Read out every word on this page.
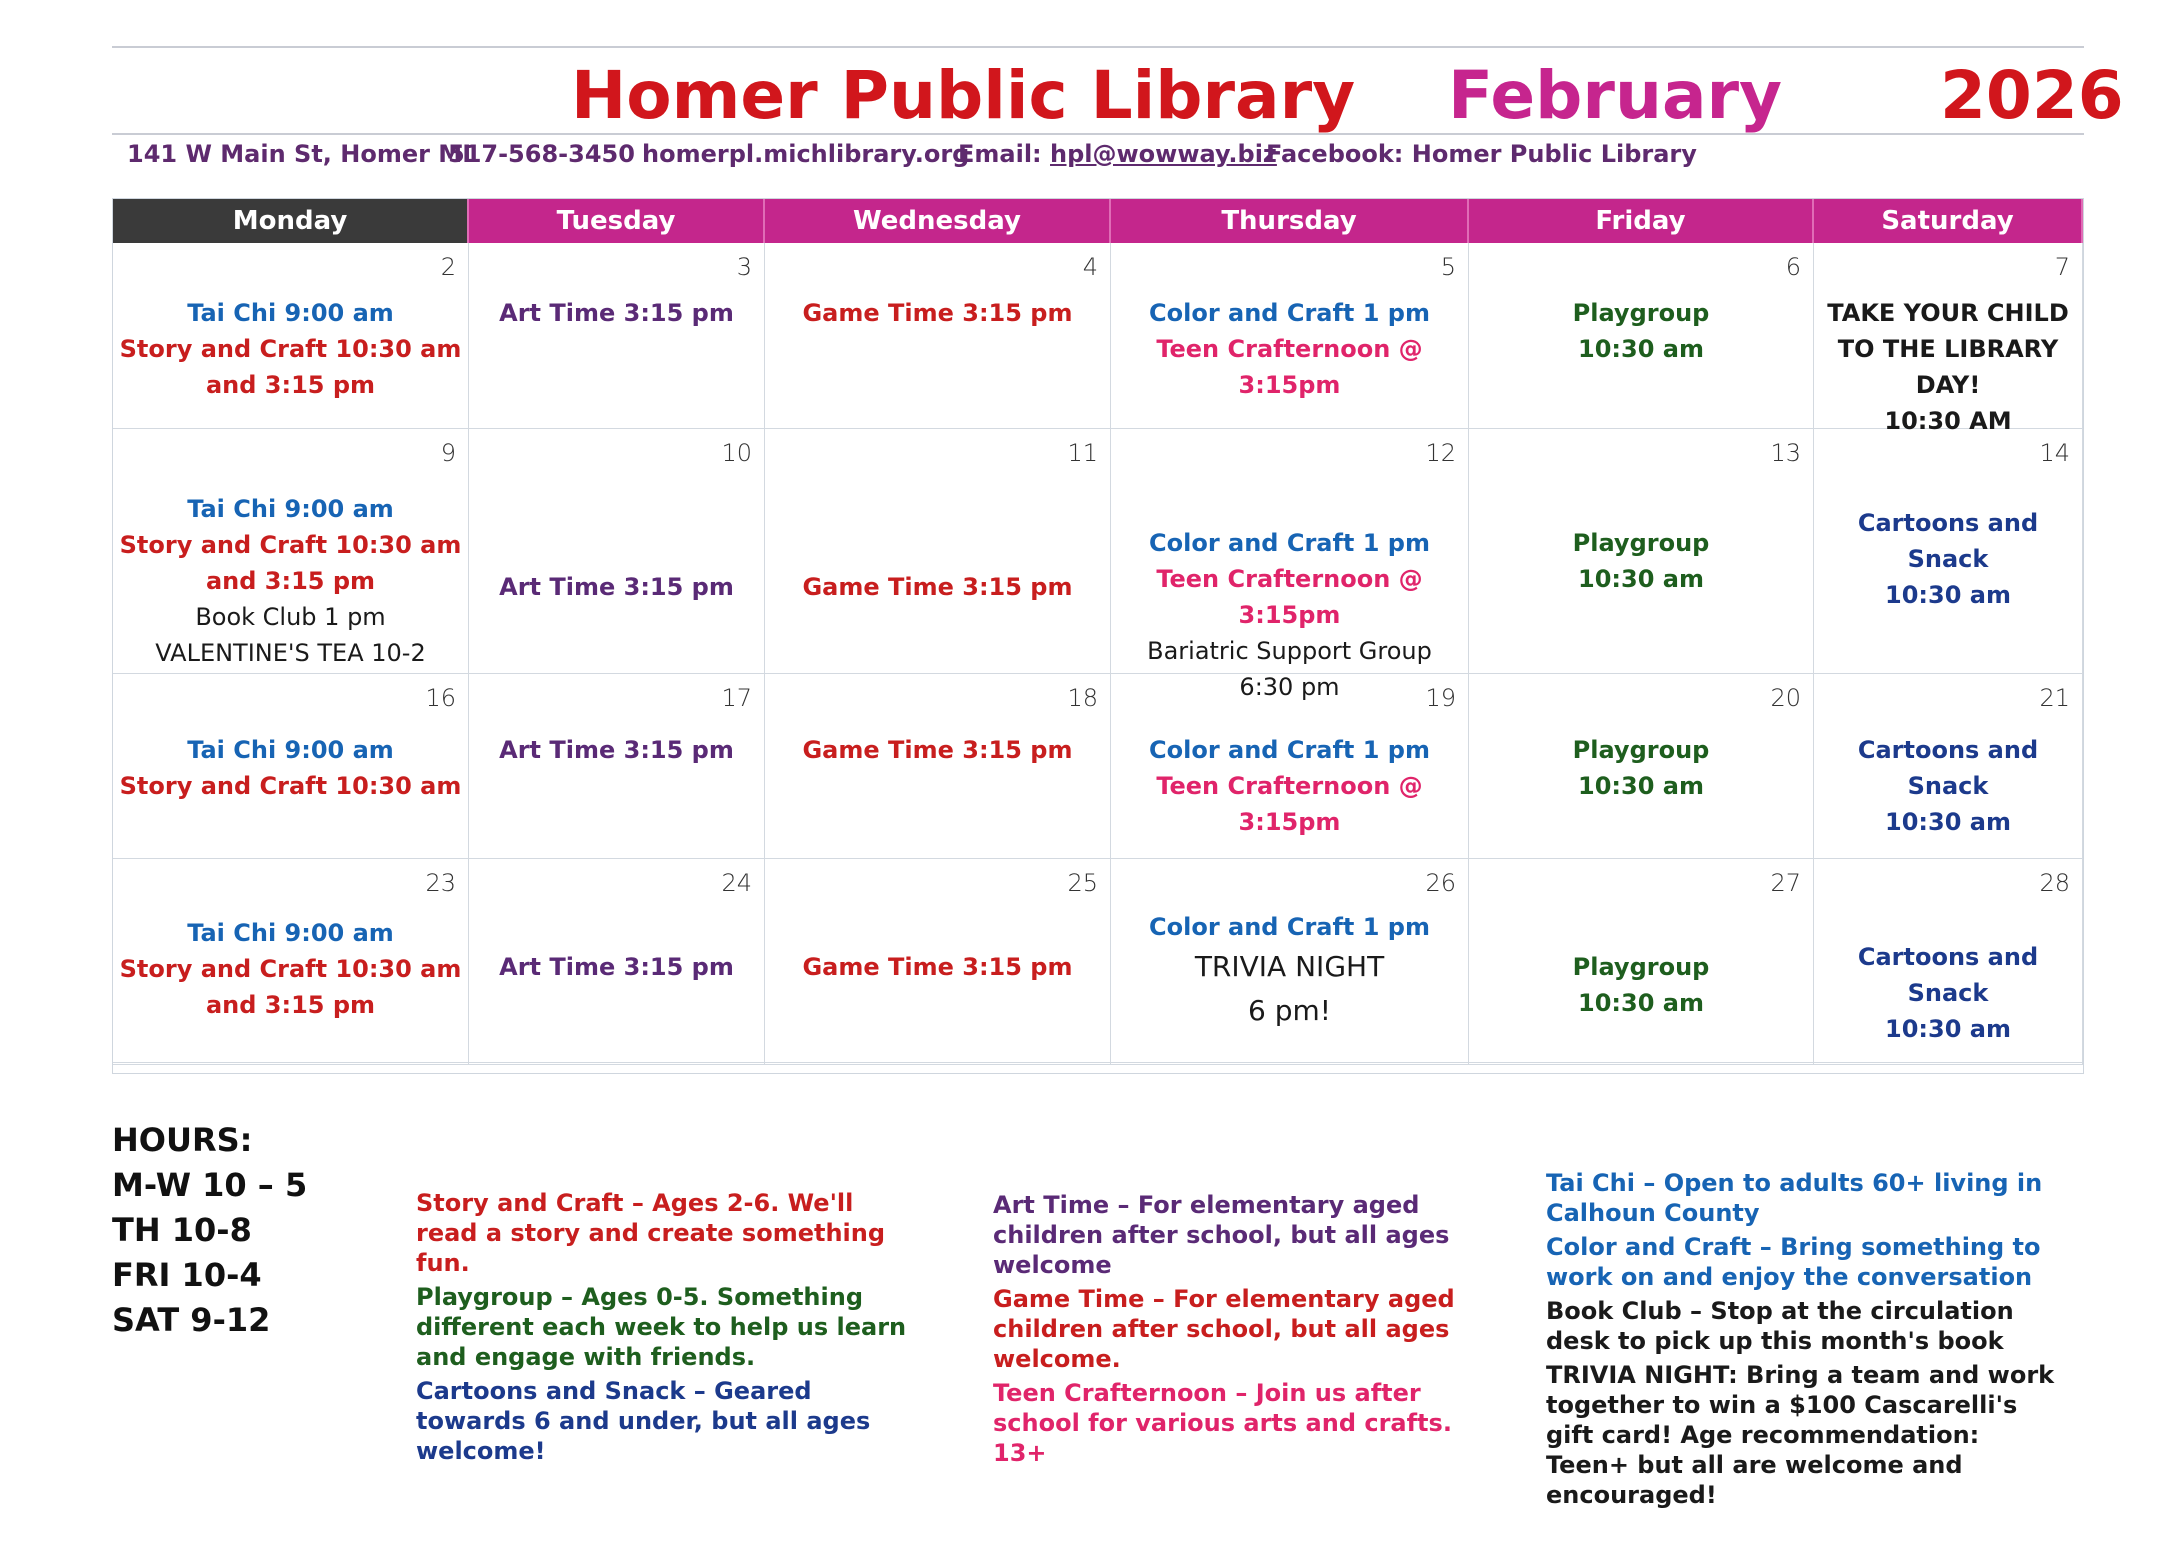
Homer Public Library February 2026
141 W Main St, Homer MI
517-568-3450 homerpl.michlibrary.org
Email: hpl@wowway.biz
Facebook: Homer Public Library
Monday	Tuesday	Wednesday	Thursday	Friday	Saturday
2
Tai Chi 9:00 am
Story and Craft 10:30 am
and 3:15 pm
3
Art Time 3:15 pm
4
Game Time 3:15 pm
5
Color and Craft 1 pm
Teen Crafternoon @ 3:15pm
6
Playgroup
10:30 am
7
TAKE YOUR CHILD
TO THE LIBRARY
DAY!
10:30 AM
9
Tai Chi 9:00 am
Story and Craft 10:30 am
and 3:15 pm
Book Club 1 pm
VALENTINE'S TEA 10-2
10
Art Time 3:15 pm
11
Game Time 3:15 pm
12
Color and Craft 1 pm
Teen Crafternoon @ 3:15pm
Bariatric Support Group
6:30 pm
13
Playgroup
10:30 am
14
Cartoons and
Snack
10:30 am
16
Tai Chi 9:00 am
Story and Craft 10:30 am
17
Art Time 3:15 pm
18
Game Time 3:15 pm
19
Color and Craft 1 pm
Teen Crafternoon @ 3:15pm
20
Playgroup
10:30 am
21
Cartoons and
Snack
10:30 am
23
Tai Chi 9:00 am
Story and Craft 10:30 am
and 3:15 pm
24
Art Time 3:15 pm
25
Game Time 3:15 pm
26
Color and Craft 1 pm
TRIVIA NIGHT
6 pm!
27
Playgroup
10:30 am
28
Cartoons and
Snack
10:30 am
HOURS:
M-W 10 – 5
TH 10-8
FRI 10-4
SAT 9-12

Story and Craft – Ages 2-6. We'll read a story and create something fun.

Playgroup – Ages 0-5. Something different each week to help us learn and engage with friends.

Cartoons and Snack – Geared towards 6 and under, but all ages welcome!

Art Time – For elementary aged children after school, but all ages welcome

Game Time – For elementary aged children after school, but all ages welcome.

Teen Crafternoon – Join us after school for various arts and crafts. 13+

Tai Chi – Open to adults 60+ living in Calhoun County

Color and Craft – Bring something to work on and enjoy the conversation

Book Club – Stop at the circulation desk to pick up this month's book

TRIVIA NIGHT: Bring a team and work together to win a $100 Cascarelli's gift card! Age recommendation: Teen+ but all are welcome and encouraged!
